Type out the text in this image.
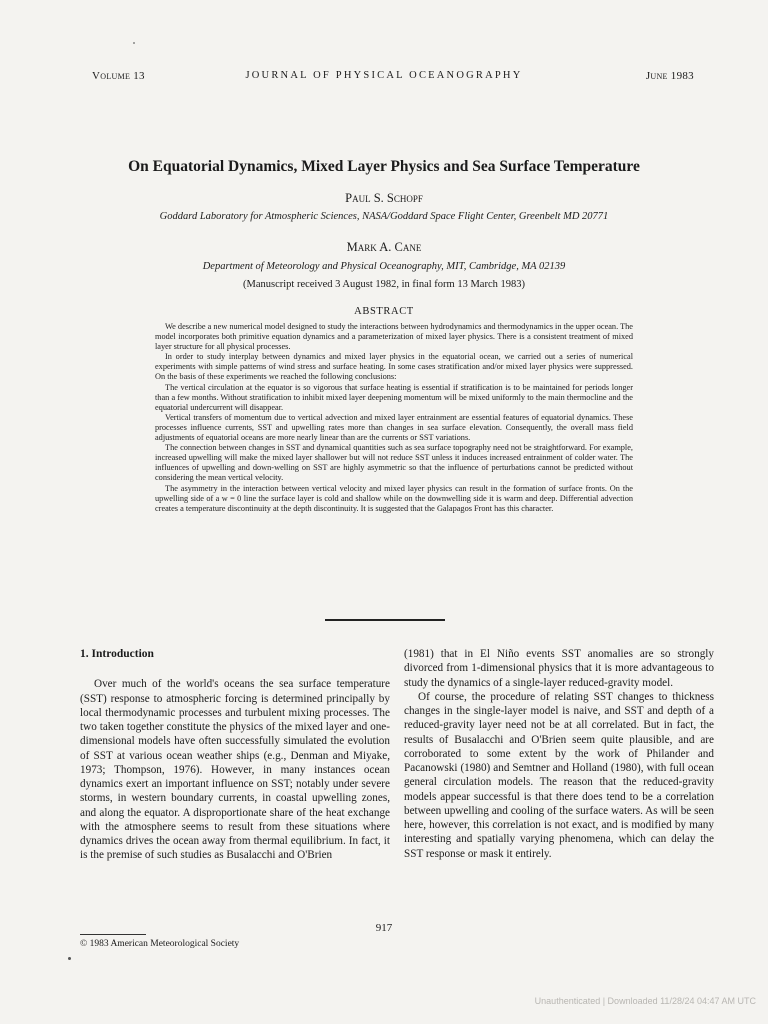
Volume 13	JOURNAL OF PHYSICAL OCEANOGRAPHY	June 1983
On Equatorial Dynamics, Mixed Layer Physics and Sea Surface Temperature
Paul S. Schopf
Goddard Laboratory for Atmospheric Sciences, NASA/Goddard Space Flight Center, Greenbelt MD 20771
Mark A. Cane
Department of Meteorology and Physical Oceanography, MIT, Cambridge, MA 02139
(Manuscript received 3 August 1982, in final form 13 March 1983)
ABSTRACT

We describe a new numerical model designed to study the interactions between hydrodynamics and thermodynamics in the upper ocean. The model incorporates both primitive equation dynamics and a parameterization of mixed layer physics. There is a consistent treatment of mixed layer structure for all physical processes.

In order to study interplay between dynamics and mixed layer physics in the equatorial ocean, we carried out a series of numerical experiments with simple patterns of wind stress and surface heating. In some cases stratification and/or mixed layer physics were suppressed. On the basis of these experiments we reached the following conclusions:

The vertical circulation at the equator is so vigorous that surface heating is essential if stratification is to be maintained for periods longer than a few months. Without stratification to inhibit mixed layer deepening momentum will be mixed uniformly to the main thermocline and the equatorial undercurrent will disappear.

Vertical transfers of momentum due to vertical advection and mixed layer entrainment are essential features of equatorial dynamics. These processes influence currents, SST and upwelling rates more than changes in sea surface elevation. Consequently, the overall mass field adjustments of equatorial oceans are more nearly linear than are the currents or SST variations.

The connection between changes in SST and dynamical quantities such as sea surface topography need not be straightforward. For example, increased upwelling will make the mixed layer shallower but will not reduce SST unless it induces increased entrainment of colder water. The influences of upwelling and down-welling on SST are highly asymmetric so that the influence of perturbations cannot be predicted without considering the mean vertical velocity.

The asymmetry in the interaction between vertical velocity and mixed layer physics can result in the formation of surface fronts. On the upwelling side of a w = 0 line the surface layer is cold and shallow while on the downwelling side it is warm and deep. Differential advection creates a temperature discontinuity at the depth discontinuity. It is suggested that the Galapagos Front has this character.

1. Introduction

Over much of the world's oceans the sea surface temperature (SST) response to atmospheric forcing is determined principally by local thermodynamic processes and turbulent mixing processes. The two taken together constitute the physics of the mixed layer and one-dimensional models have often successfully simulated the evolution of SST at various ocean weather ships (e.g., Denman and Miyake, 1973; Thompson, 1976). However, in many instances ocean dynamics exert an important influence on SST; notably under severe storms, in western boundary currents, in coastal upwelling zones, and along the equator. A disproportionate share of the heat exchange with the atmosphere seems to result from these situations where dynamics drives the ocean away from thermal equilibrium. In fact, it is the premise of such studies as Busalacchi and O'Brien

(1981) that in El Niño events SST anomalies are so strongly divorced from 1-dimensional physics that it is more advantageous to study the dynamics of a single-layer reduced-gravity model.

Of course, the procedure of relating SST changes to thickness changes in the single-layer model is naive, and SST and depth of a reduced-gravity layer need not be at all correlated. But in fact, the results of Busalacchi and O'Brien seem quite plausible, and are corroborated to some extent by the work of Philander and Pacanowski (1980) and Semtner and Holland (1980), with full ocean general circulation models. The reason that the reduced-gravity models appear successful is that there does tend to be a correlation between upwelling and cooling of the surface waters. As will be seen here, however, this correlation is not exact, and is modified by many interesting and spatially varying phenomena, which can delay the SST response or mask it entirely.

917
© 1983 American Meteorological Society
Unauthenticated | Downloaded 11/28/24 04:47 AM UTC
